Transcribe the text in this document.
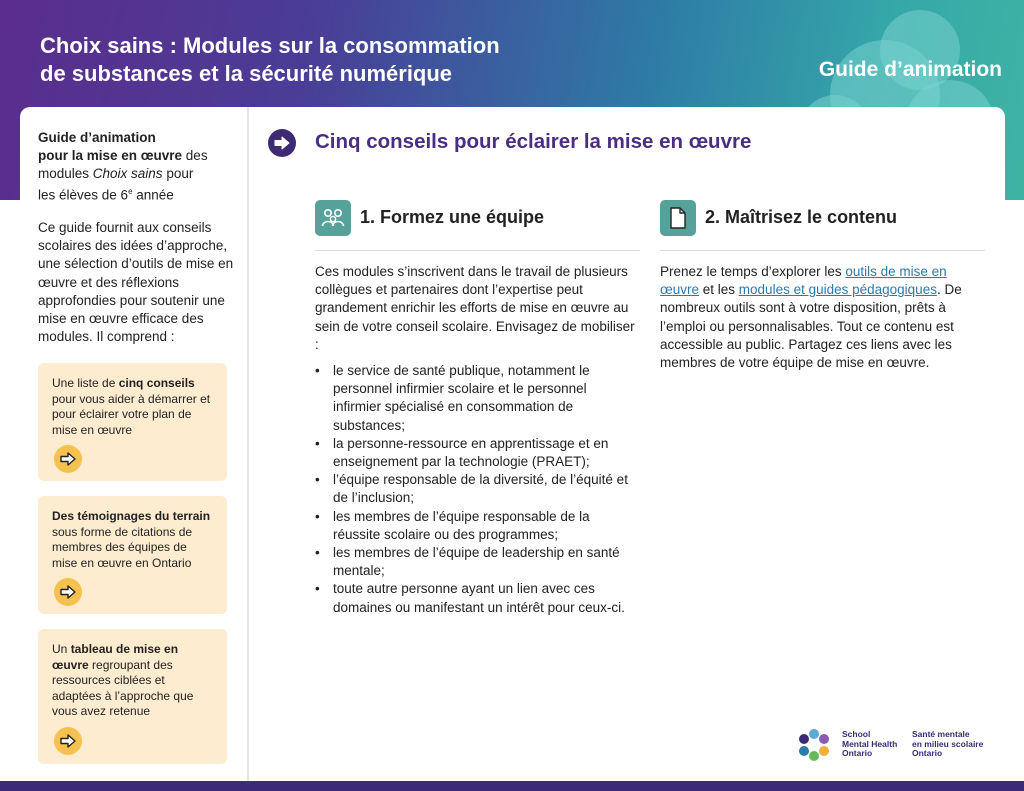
Choix sains : Modules sur la consommation
de substances et la sécurité numérique	Guide d’animation
Guide d’animation
pour la mise en œuvre des
modules Choix sains pour
les élèves de 6e année
Ce guide fournit aux conseils scolaires des idées d’approche, une sélection d’outils de mise en œuvre et des réflexions approfondies pour soutenir une mise en œuvre efficace des modules. Il comprend :
Une liste de cinq conseils pour vous aider à démarrer et pour éclairer votre plan de mise en œuvre
Des témoignages du terrain sous forme de citations de membres des équipes de mise en œuvre en Ontario
Un tableau de mise en œuvre regroupant des ressources ciblées et adaptées à l’approche que vous avez retenue
Cinq conseils pour éclairer la mise en œuvre
1. Formez une équipe
Ces modules s’inscrivent dans le travail de plusieurs collègues et partenaires dont l’expertise peut grandement enrichir les efforts de mise en œuvre au sein de votre conseil scolaire. Envisagez de mobiliser :
• le service de santé publique, notamment le personnel infirmier scolaire et le personnel infirmier spécialisé en consommation de substances;
• la personne-ressource en apprentissage et en enseignement par la technologie (PRAET);
• l’équipe responsable de la diversité, de l’équité et de l’inclusion;
• les membres de l’équipe responsable de la réussite scolaire ou des programmes;
• les membres de l’équipe de leadership en santé mentale;
• toute autre personne ayant un lien avec ces domaines ou manifestant un intérêt pour ceux-ci.
2. Maîtrisez le contenu
Prenez le temps d’explorer les outils de mise en œuvre et les modules et guides pédagogiques. De nombreux outils sont à votre disposition, prêts à l’emploi ou personnalisables. Tout ce contenu est accessible au public. Partagez ces liens avec les membres de votre équipe de mise en œuvre.
School
Mental Health
Ontario
Santé mentale
en milieu scolaire
Ontario
